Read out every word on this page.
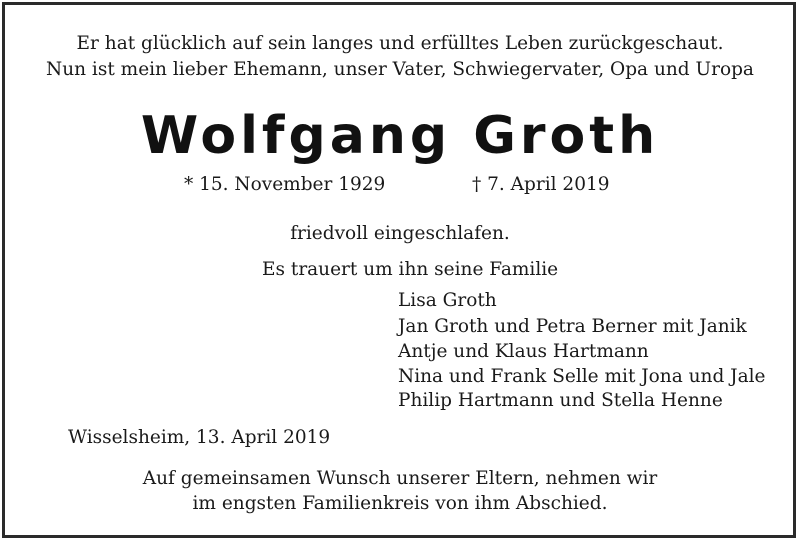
Er hat glücklich auf sein langes und erfülltes Leben zurückgeschaut.
Nun ist mein lieber Ehemann, unser Vater, Schwiegervater, Opa und Uropa
Wolfgang Groth
* 15. November 1929	† 7. April 2019
friedvoll eingeschlafen.
Es trauert um ihn seine Familie
Lisa Groth
Jan Groth und Petra Berner mit Janik
Antje und Klaus Hartmann
Nina und Frank Selle mit Jona und Jale
Philip Hartmann und Stella Henne
Wisselsheim, 13. April 2019
Auf gemeinsamen Wunsch unserer Eltern, nehmen wir
im engsten Familienkreis von ihm Abschied.
